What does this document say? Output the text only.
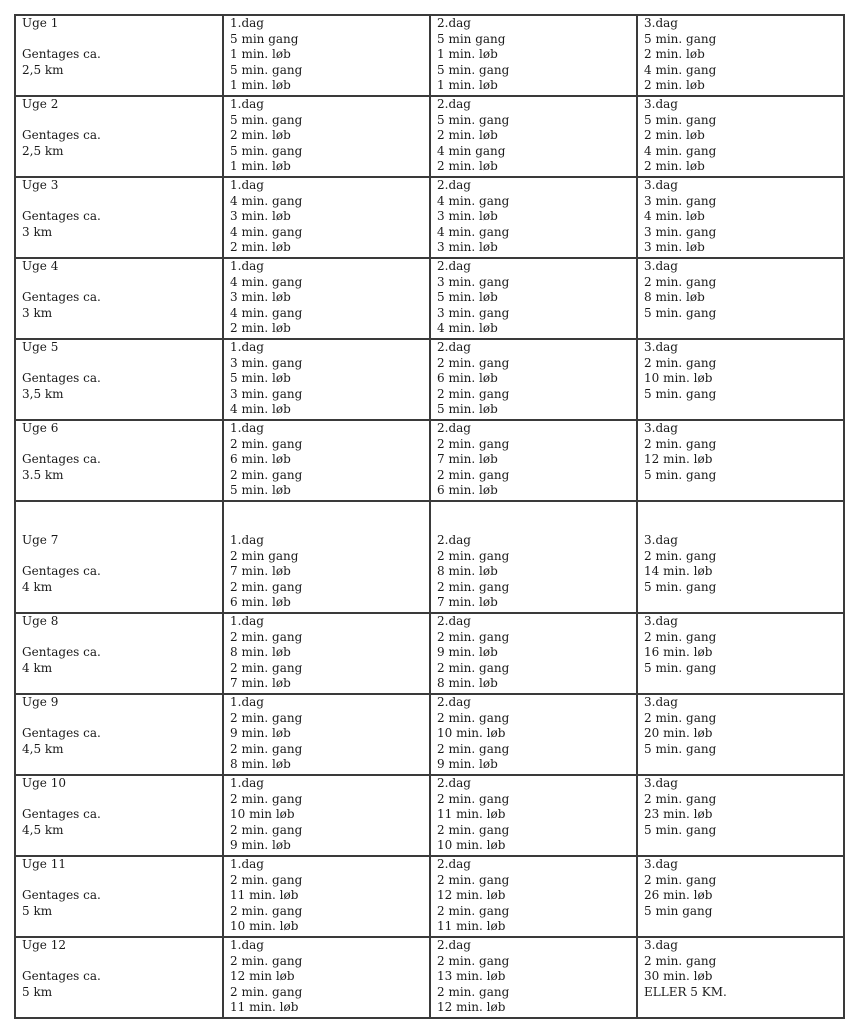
Uge 1
Gentages ca.
2,5 km	1.dag
5 min gang
1 min. løb
5 min. gang
1 min. løb	2.dag
5 min gang
1 min. løb
5 min. gang
1 min. løb	3.dag
5 min. gang
2 min. løb
4 min. gang
2 min. løb

Uge 2
Gentages ca.
2,5 km	1.dag
5 min. gang
2 min. løb
5 min. gang
1 min. løb	2.dag
5 min. gang
2 min. løb
4 min gang
2 min. løb	3.dag
5 min. gang
2 min. løb
4 min. gang
2 min. løb

Uge 3
Gentages ca.
3 km	1.dag
4 min. gang
3 min. løb
4 min. gang
2 min. løb	2.dag
4 min. gang
3 min. løb
4 min. gang
3 min. løb	3.dag
3 min. gang
4 min. løb
3 min. gang
3 min. løb

Uge 4
Gentages ca.
3 km	1.dag
4 min. gang
3 min. løb
4 min. gang
2 min. løb	2.dag
3 min. gang
5 min. løb
3 min. gang
4 min. løb	3.dag
2 min. gang
8 min. løb
5 min. gang

Uge 5
Gentages ca.
3,5 km	1.dag
3 min. gang
5 min. løb
3 min. gang
4 min. løb	2.dag
2 min. gang
6 min. løb
2 min. gang
5 min. løb	3.dag
2 min. gang
10 min. løb
5 min. gang

Uge 6
Gentages ca.
3.5 km	1.dag
2 min. gang
6 min. løb
2 min. gang
5 min. løb	2.dag
2 min. gang
7 min. løb
2 min. gang
6 min. løb	3.dag
2 min. gang
12 min. løb
5 min. gang

Uge 7
Gentages ca.
4 km	1.dag
2 min gang
7 min. løb
2 min. gang
6 min. løb	2.dag
2 min. gang
8 min. løb
2 min. gang
7 min. løb	3.dag
2 min. gang
14 min. løb
5 min. gang

Uge 8
Gentages ca.
4 km	1.dag
2 min. gang
8 min. løb
2 min. gang
7 min. løb	2.dag
2 min. gang
9 min. løb
2 min. gang
8 min. løb	3.dag
2 min. gang
16 min. løb
5 min. gang

Uge 9
Gentages ca.
4,5 km	1.dag
2 min. gang
9 min. løb
2 min. gang
8 min. løb	2.dag
2 min. gang
10 min. løb
2 min. gang
9 min. løb	3.dag
2 min. gang
20 min. løb
5 min. gang

Uge 10
Gentages ca.
4,5 km	1.dag
2 min. gang
10 min løb
2 min. gang
9 min. løb	2.dag
2 min. gang
11 min. løb
2 min. gang
10 min. løb	3.dag
2 min. gang
23 min. løb
5 min. gang

Uge 11
Gentages ca.
5 km	1.dag
2 min. gang
11 min. løb
2 min. gang
10 min. løb	2.dag
2 min. gang
12 min. løb
2 min. gang
11 min. løb	3.dag
2 min. gang
26 min. løb
5 min gang

Uge 12
Gentages ca.
5 km	1.dag
2 min. gang
12 min løb
2 min. gang
11 min. løb	2.dag
2 min. gang
13 min. løb
2 min. gang
12 min. løb	3.dag
2 min. gang
30 min. løb
ELLER 5 KM.
